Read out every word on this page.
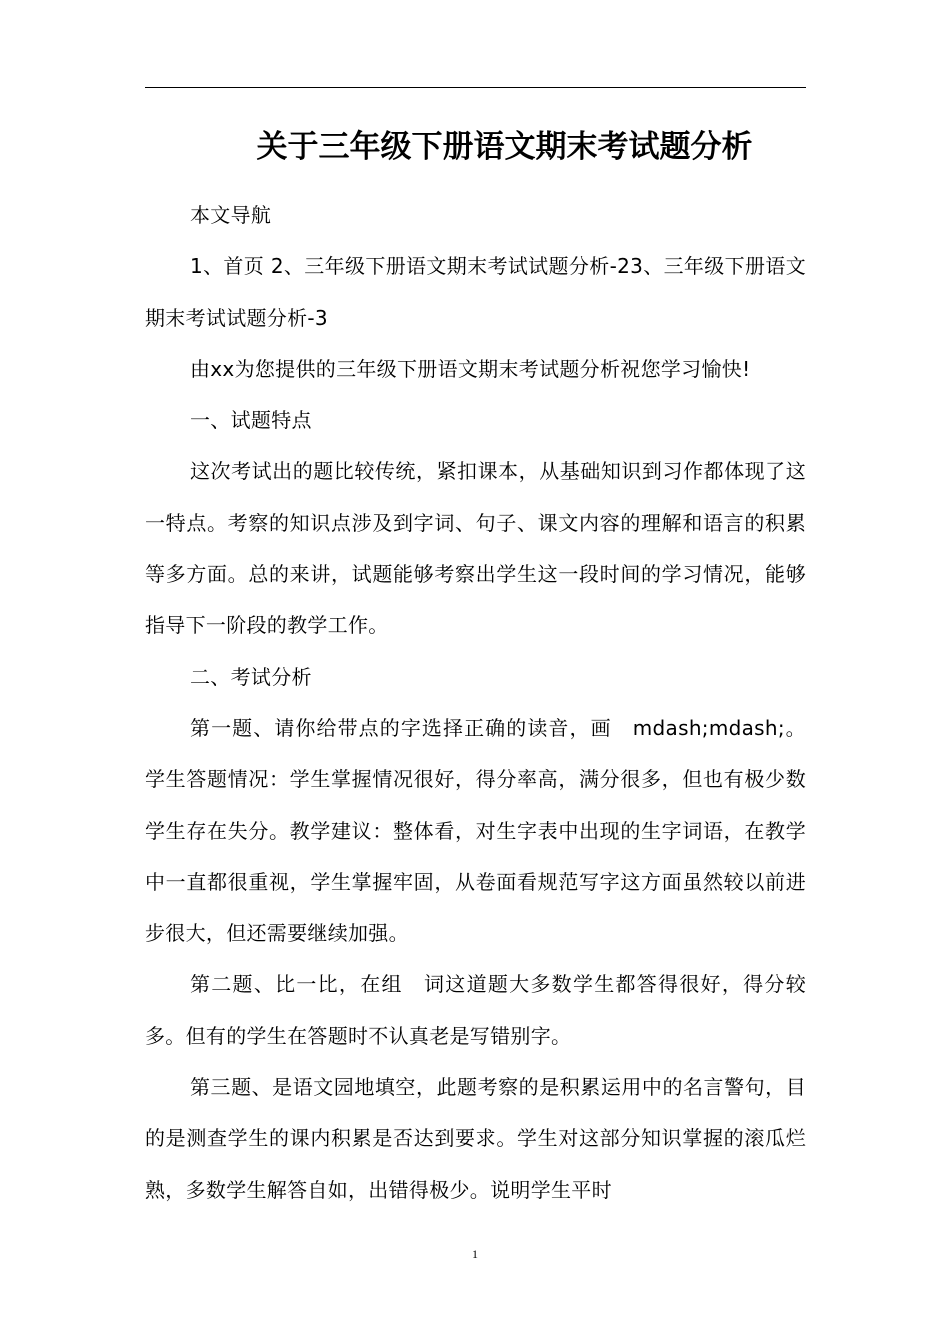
关于三年级下册语文期末考试题分析

本文导航

1、首页 2、三年级下册语文期末考试试题分析-23、三年级下册语文期末考试试题分析-3

由xx为您提供的三年级下册语文期末考试题分析祝您学习愉快!

一、试题特点

这次考试出的题比较传统，紧扣课本，从基础知识到习作都体现了这一特点。考察的知识点涉及到字词、句子、课文内容的理解和语言的积累等多方面。总的来讲，试题能够考察出学生这一段时间的学习情况，能够指导下一阶段的教学工作。

二、考试分析

第一题、请你给带点的字选择正确的读音，画　mdash;mdash;。 学生答题情况：学生掌握情况很好，得分率高，满分很多，但也有极少数学生存在失分。教学建议：整体看，对生字表中出现的生字词语，在教学中一直都很重视，学生掌握牢固，从卷面看规范写字这方面虽然较以前进步很大，但还需要继续加强。

第二题、比一比，在组　词这道题大多数学生都答得很好，得分较多。但有的学生在答题时不认真老是写错别字。

第三题、是语文园地填空，此题考察的是积累运用中的名言警句，目的是测查学生的课内积累是否达到要求。学生对这部分知识掌握的滚瓜烂熟，多数学生解答自如，出错得极少。说明学生平时

1
